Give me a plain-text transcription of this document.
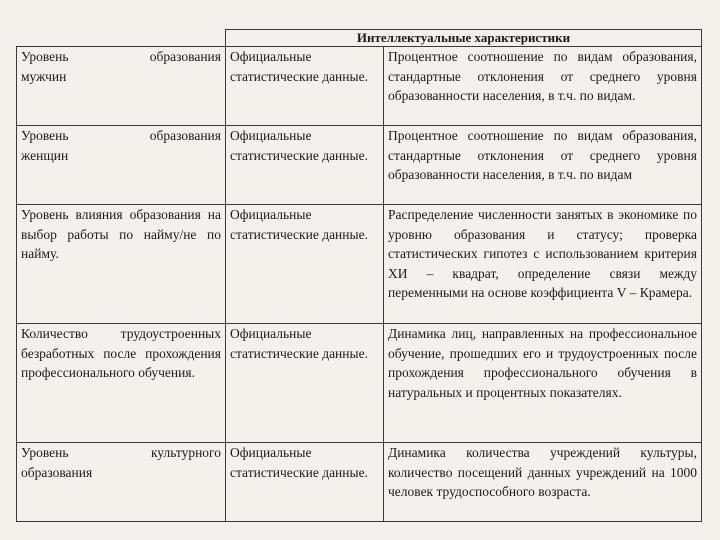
	Интеллектуальные характеристики	

Уровень образования
мужчин	Официальные статистические данные.	Процентное соотношение по видам образования, стандартные отклонения от среднего уровня образованности населения, в т.ч. по видам.

Уровень образования
женщин	Официальные статистические данные.	Процентное соотношение по видам образования, стандартные отклонения от среднего уровня образованности населения, в т.ч. по видам
Уровень влияния образования на выбор работы по найму/не по найму.	Официальные статистические данные.	Распределение численности занятых в экономике по уровню образования и статусу; проверка статистических гипотез с использованием критерия ХИ – квадрат, определение связи между переменными на основе коэффициента V – Крамера.
Количество трудоустроенных безработных после прохождения профессионального обучения.	Официальные статистические данные.	Динамика лиц, направленных на профессиональное обучение, прошедших его и трудоустроенных после прохождения профессионального обучения в натуральных и процентных показателях.

Уровень культурного
образования	Официальные статистические данные.	Динамика количества учреждений культуры, количество посещений данных учреждений на 1000 человек трудоспособного возраста.
